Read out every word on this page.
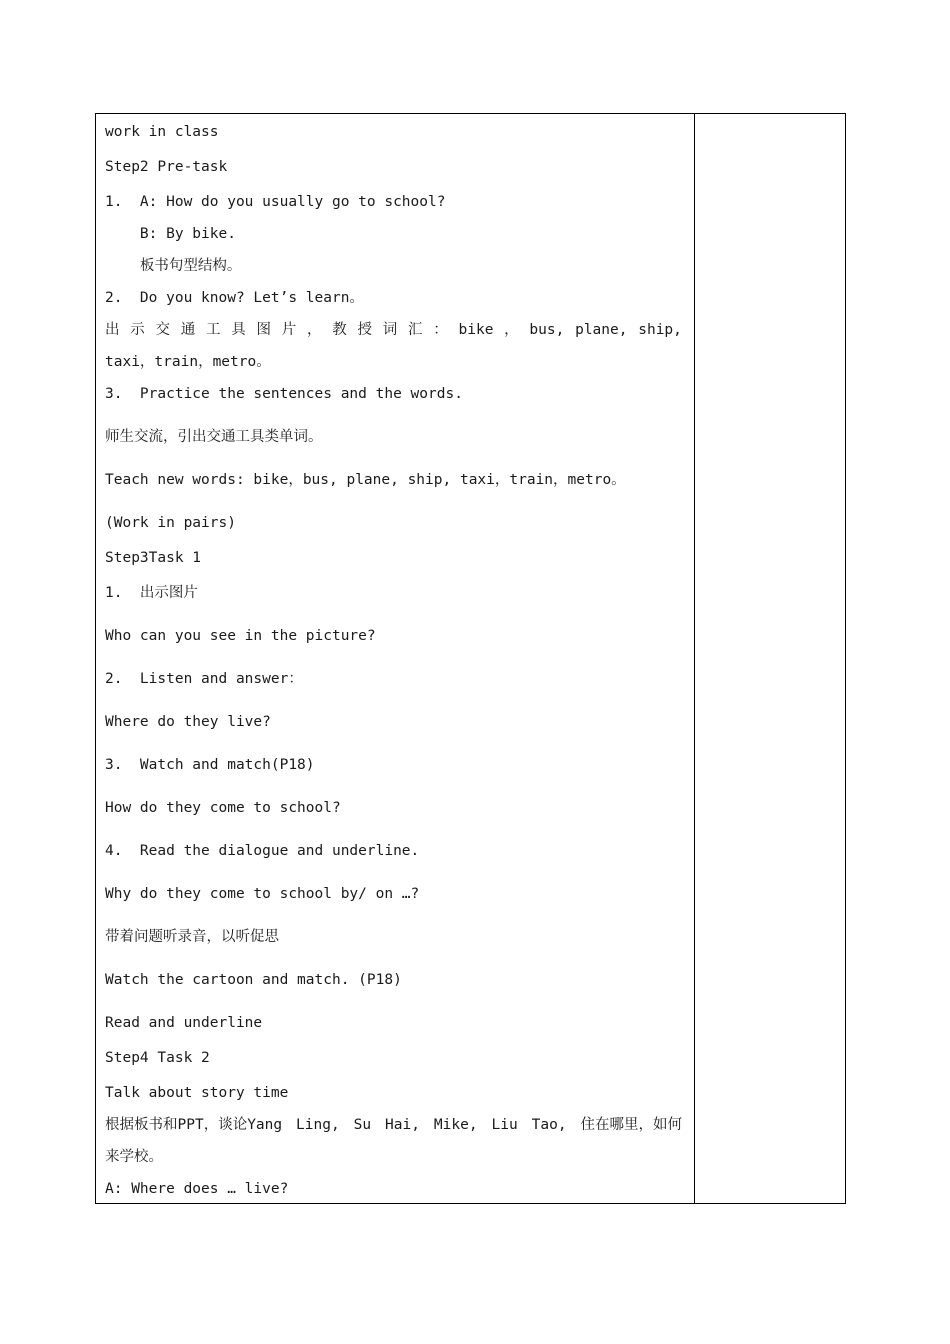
work in class
Step2 Pre-task
1.  A: How do you usually go to school?
B: By bike.
板书句型结构。
2.  Do you know? Let’s learn。
出 示 交 通 工 具 图 片 ， 教 授 词 汇 ： bike ， bus, plane, ship,
taxi，train，metro。
3.  Practice the sentences and the words.
师生交流，引出交通工具类单词。
Teach new words: bike，bus, plane, ship, taxi，train，metro。
(Work in pairs)
Step3Task 1
1.  出示图片
Who can you see in the picture?
2.  Listen and answer：
Where do they live?
3.  Watch and match(P18)
How do they come to school?
4.  Read the dialogue and underline.
Why do they come to school by/ on …?
带着问题听录音，以听促思
Watch the cartoon and match. (P18)
Read and underline
Step4 Task 2
Talk about story time
根据板书和PPT，谈论Yang Ling, Su Hai, Mike, Liu Tao, 住在哪里，如何
来学校。
A: Where does … live?
